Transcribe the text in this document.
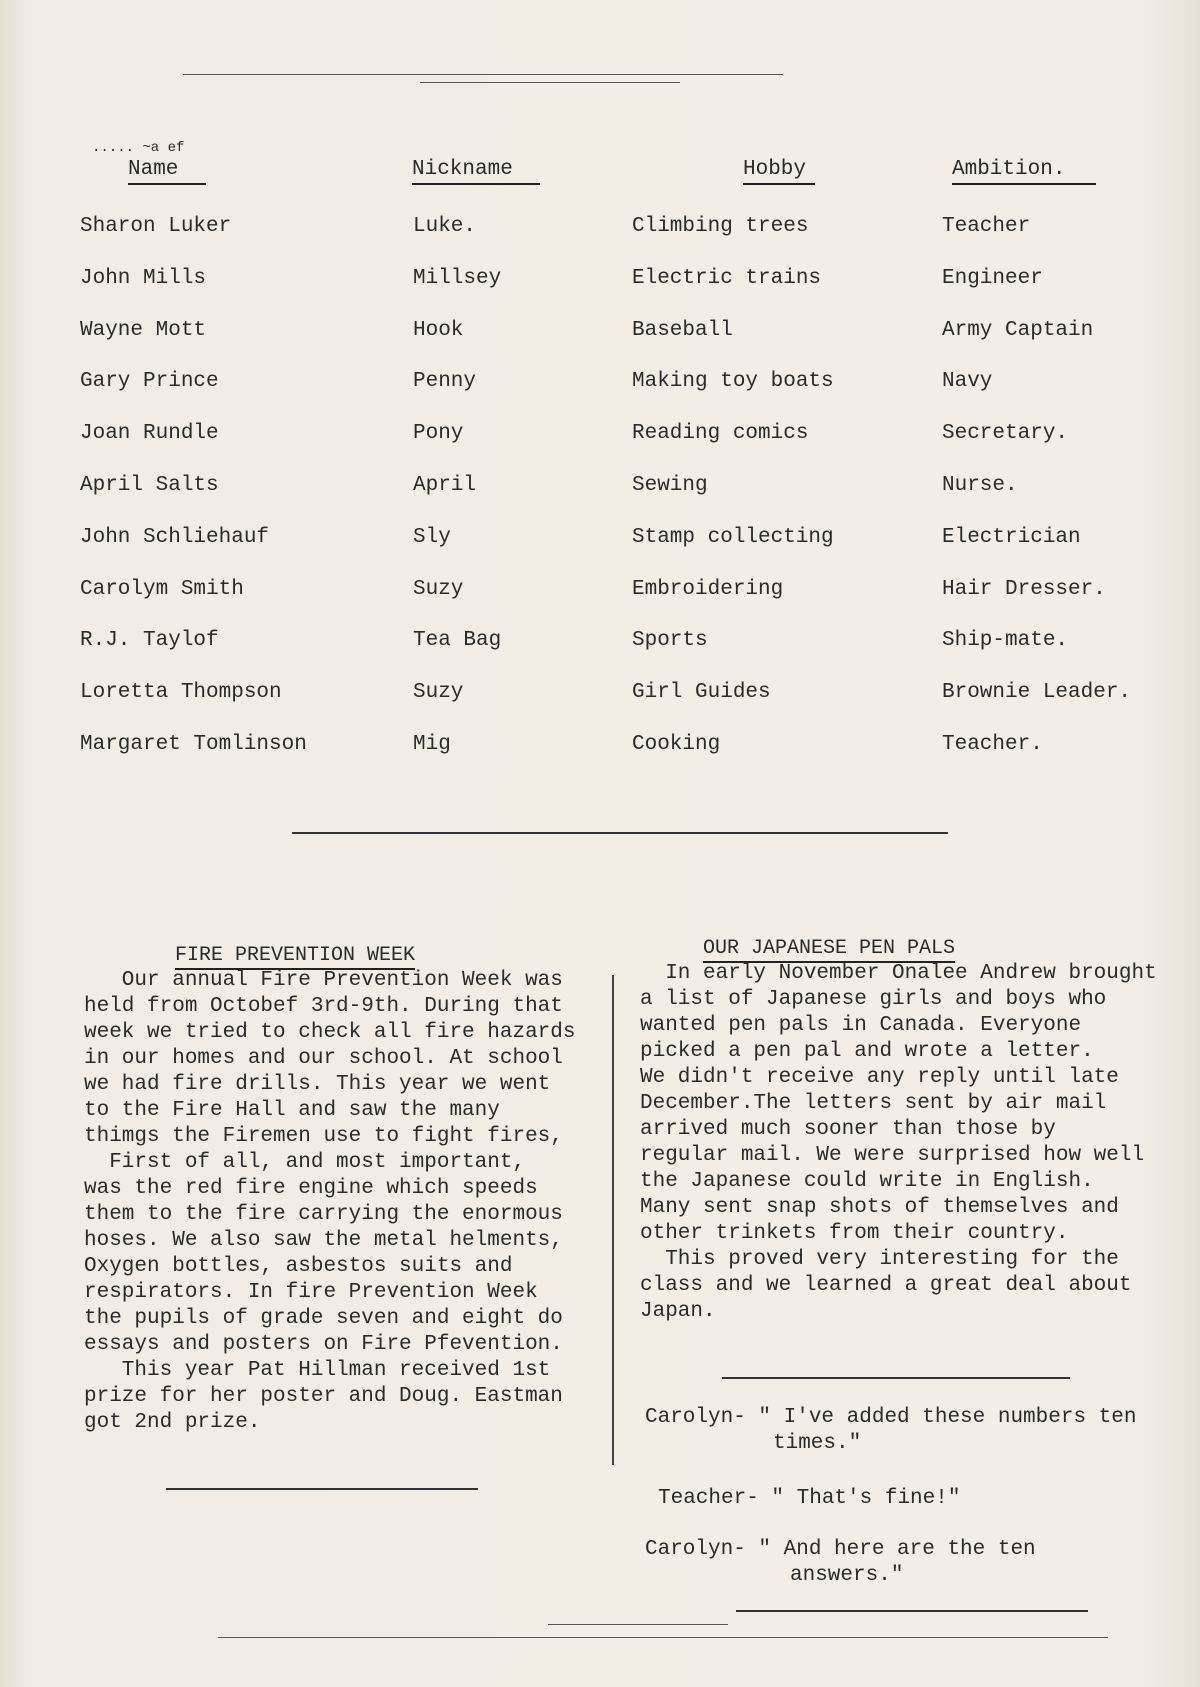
..... ~a ef
Name	Nickname	Hobby	Ambition.
Sharon Luker	Luke.	Climbing trees	Teacher
John Mills	Millsey	Electric trains	Engineer
Wayne Mott	Hook	Baseball	Army Captain
Gary Prince	Penny	Making toy boats	Navy
Joan Rundle	Pony	Reading comics	Secretary.
April Salts	April	Sewing	Nurse.
John Schliehauf	Sly	Stamp collecting	Electrician
Carolym Smith	Suzy	Embroidering	Hair Dresser.
R.J. Taylof	Tea Bag	Sports	Ship-mate.
Loretta Thompson	Suzy	Girl Guides	Brownie Leader.
Margaret Tomlinson	Mig	Cooking	Teacher.
FIRE PREVENTION WEEK

Our annual Fire Prevention Week was

held from Octobef 3rd-9th. During that

week we tried to check all fire hazards

in our homes and our school. At school

we had fire drills. This year we went

to the Fire Hall and saw the many

thimgs the Firemen use to fight fires,

First of all, and most important,

was the red fire engine which speeds

them to the fire carrying the enormous

hoses. We also saw the metal helments,

Oxygen bottles, asbestos suits and

respirators. In fire Prevention Week

the pupils of grade seven and eight do

essays and posters on Fire Pfevention.

This year Pat Hillman received 1st

prize for her poster and Doug. Eastman

got 2nd prize.

OUR JAPANESE PEN PALS

In early November Onalee Andrew brought

a list of Japanese girls and boys who

wanted pen pals in Canada. Everyone

picked a pen pal and wrote a letter.

We didn't receive any reply until late

December.The letters sent by air mail

arrived much sooner than those by

regular mail. We were surprised how well

the Japanese could write in English.

Many sent snap shots of themselves and

other trinkets from their country.

This proved very interesting for the

class and we learned a great deal about

Japan.

Carolyn- " I've added these numbers ten
times."
Teacher- " That's fine!"
Carolyn- " And here are the ten
answers."
